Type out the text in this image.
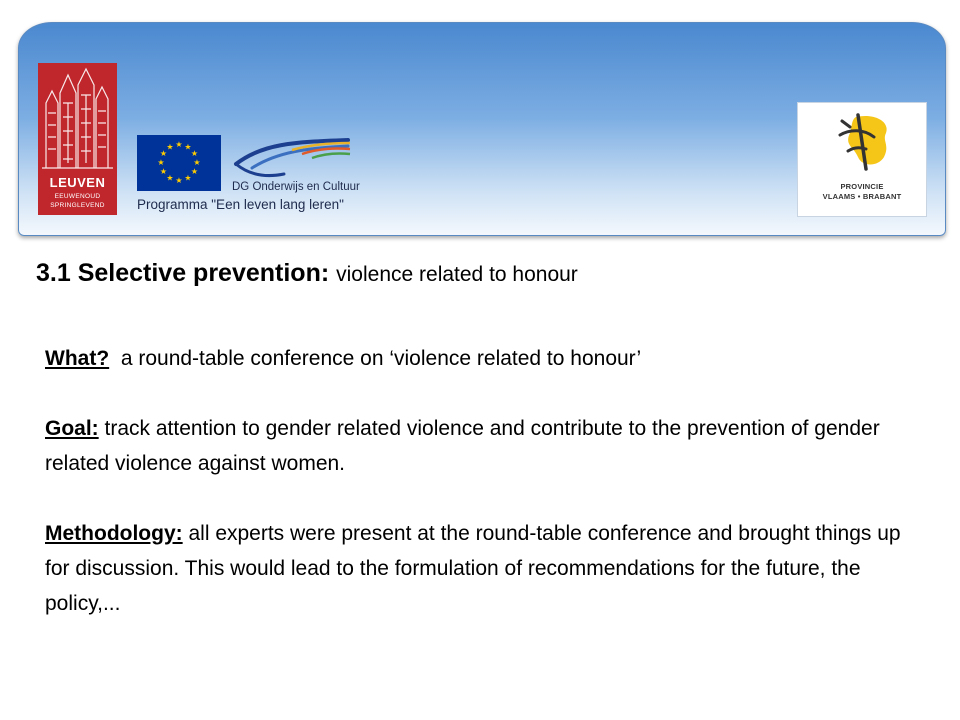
LEUVEN
EEUWENOUD
SPRINGLEVEND
★ ★
★
★
★
★
★
★
★
★
★
★
DG Onderwijs en Cultuur
Programma "Een leven lang leren"
PROVINCIE
VLAAMS • BRABANT
3.1 Selective prevention: violence related to honour

What?  a round-table conference on ‘violence related to honour’

Goal: track attention to gender related violence and contribute to the prevention of gender related violence against women.

Methodology: all experts were present at the round-table conference and brought things up for discussion. This would lead to the formulation of recommendations for the future, the policy,...
